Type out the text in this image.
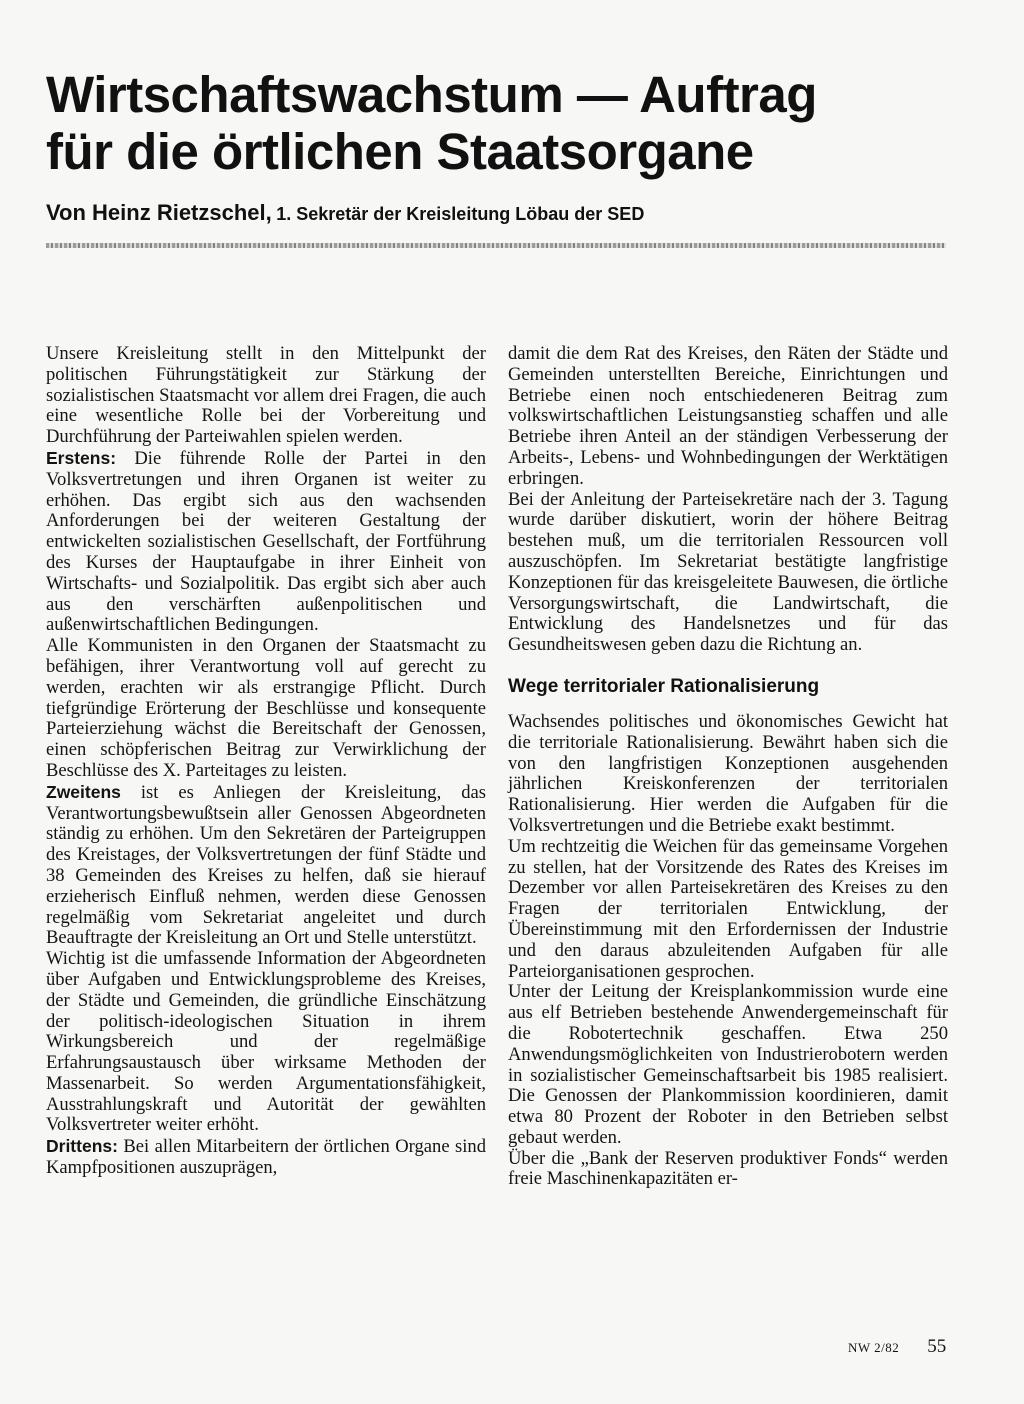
Wirtschaftswachstum — Auftrag
für die örtlichen Staatsorgane
Von Heinz Rietzschel, 1. Sekretär der Kreisleitung Löbau der SED

Unsere Kreisleitung stellt in den Mittelpunkt der politischen Führungstätigkeit zur Stärkung der sozialistischen Staatsmacht vor allem drei Fragen, die auch eine wesentliche Rolle bei der Vorbereitung und Durchführung der Parteiwahlen spielen werden.

Erstens: Die führende Rolle der Partei in den Volksvertretungen und ihren Organen ist weiter zu erhöhen. Das ergibt sich aus den wachsenden Anforderungen bei der weiteren Gestaltung der entwickelten sozialistischen Gesellschaft, der Fortführung des Kurses der Hauptaufgabe in ihrer Einheit von Wirtschafts- und Sozialpolitik. Das ergibt sich aber auch aus den verschärften außenpolitischen und außenwirtschaftlichen Bedingungen.

Alle Kommunisten in den Organen der Staatsmacht zu befähigen, ihrer Verantwortung voll auf gerecht zu werden, erachten wir als erstrangige Pflicht. Durch tiefgründige Erörterung der Beschlüsse und konsequente Parteierziehung wächst die Bereitschaft der Genossen, einen schöpferischen Beitrag zur Verwirklichung der Beschlüsse des X. Parteitages zu leisten.

Zweitens ist es Anliegen der Kreisleitung, das Verantwortungsbewußtsein aller Genossen Abgeordneten ständig zu erhöhen. Um den Sekretären der Parteigruppen des Kreistages, der Volksvertretungen der fünf Städte und 38 Gemeinden des Kreises zu helfen, daß sie hierauf erzieherisch Einfluß nehmen, werden diese Genossen regelmäßig vom Sekretariat angeleitet und durch Beauftragte der Kreisleitung an Ort und Stelle unterstützt.

Wichtig ist die umfassende Information der Abgeordneten über Aufgaben und Entwicklungsprobleme des Kreises, der Städte und Gemeinden, die gründliche Einschätzung der politisch-ideologischen Situation in ihrem Wirkungsbereich und der regelmäßige Erfahrungsaustausch über wirksame Methoden der Massenarbeit. So werden Argumentationsfähigkeit, Ausstrahlungskraft und Autorität der gewählten Volksvertreter weiter erhöht.

Drittens: Bei allen Mitarbeitern der örtlichen Organe sind Kampfpositionen auszuprägen,

damit die dem Rat des Kreises, den Räten der Städte und Gemeinden unterstellten Bereiche, Einrichtungen und Betriebe einen noch entschiedeneren Beitrag zum volkswirtschaftlichen Leistungsanstieg schaffen und alle Betriebe ihren Anteil an der ständigen Verbesserung der Arbeits-, Lebens- und Wohnbedingungen der Werktätigen erbringen.

Bei der Anleitung der Parteisekretäre nach der 3. Tagung wurde darüber diskutiert, worin der höhere Beitrag bestehen muß, um die territorialen Ressourcen voll auszuschöpfen. Im Sekretariat bestätigte langfristige Konzeptionen für das kreisgeleitete Bauwesen, die örtliche Versorgungswirtschaft, die Landwirtschaft, die Entwicklung des Handelsnetzes und für das Gesundheitswesen geben dazu die Richtung an.

Wege territorialer Rationalisierung

Wachsendes politisches und ökonomisches Gewicht hat die territoriale Rationalisierung. Bewährt haben sich die von den langfristigen Konzeptionen ausgehenden jährlichen Kreiskonferenzen der territorialen Rationalisierung. Hier werden die Aufgaben für die Volksvertretungen und die Betriebe exakt bestimmt.

Um rechtzeitig die Weichen für das gemeinsame Vorgehen zu stellen, hat der Vorsitzende des Rates des Kreises im Dezember vor allen Parteisekretären des Kreises zu den Fragen der territorialen Entwicklung, der Übereinstimmung mit den Erfordernissen der Industrie und den daraus abzuleitenden Aufgaben für alle Parteiorganisationen gesprochen.

Unter der Leitung der Kreisplankommission wurde eine aus elf Betrieben bestehende Anwendergemeinschaft für die Robotertechnik geschaffen. Etwa 250 Anwendungsmöglichkeiten von Industrierobotern werden in sozialistischer Gemeinschaftsarbeit bis 1985 realisiert. Die Genossen der Plankommission koordinieren, damit etwa 80 Prozent der Roboter in den Betrieben selbst gebaut werden.

Über die „Bank der Reserven produktiver Fonds“ werden freie Maschinenkapazitäten er-

NW 2/82 55
